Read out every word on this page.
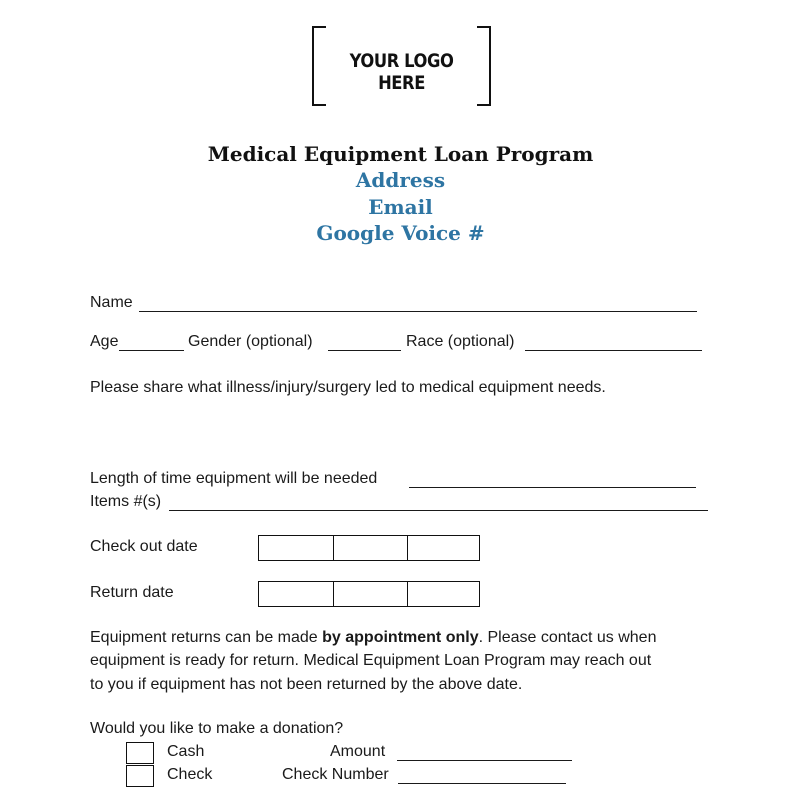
YOUR LOGO HERE
Medical Equipment Loan Program
Address
Email
Google Voice #
Name
Age	Gender (optional)	Race (optional)
Please share what illness/injury/surgery led to medical equipment needs.
Length of time equipment will be needed
Items #(s)
Check out date
Return date
Equipment returns can be made by appointment only. Please contact us when
equipment is ready for return. Medical Equipment Loan Program may reach out
to you if equipment has not been returned by the above date.
Would you like to make a donation?
Cash	Amount
Check	Check Number
